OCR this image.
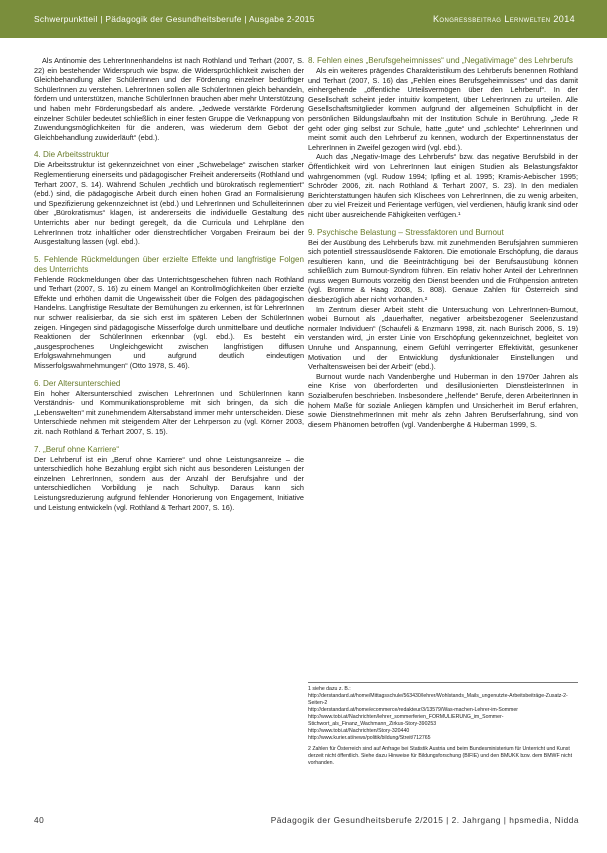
Schwerpunktteil | Pädagogik der Gesundheitsberufe | Ausgabe 2-2015	Kongressbeitrag Lernwelten 2014

Als Antinomie des LehrerInnenhandelns ist nach Rothland und Terhart (2007, S. 22) ein bestehender Widerspruch wie bspw. die Widersprüchlichkeit zwischen der Gleichbehandlung aller SchülerInnen und der Förderung einzelner bedürftiger SchülerInnen zu verstehen. LehrerInnen sollen alle SchülerInnen gleich behandeln, fördern und unterstützen, manche SchülerInnen brauchen aber mehr Unterstützung und haben mehr Förderungsbedarf als andere. „Jedwede verstärkte Förderung einzelner Schüler bedeutet schließlich in einer festen Gruppe die Verknappung von Zuwendungsmöglichkeiten für die anderen, was wiederum dem Gebot der Gleichbehandlung zuwiderläuft“ (ebd.).

4. Die Arbeitsstruktur

Die Arbeitsstruktur ist gekennzeichnet von einer „Schwebelage“ zwischen starker Reglementierung einerseits und pädagogischer Freiheit andererseits (Rothland und Terhart 2007, S. 14). Während Schulen „rechtlich und bürokratisch reglementiert“ (ebd.) sind, die pädagogische Arbeit durch einen hohen Grad an Formalisierung und Spezifizierung gekennzeichnet ist (ebd.) und LehrerInnen und Schulleiterinnen über „Bürokratismus“ klagen, ist andererseits die individuelle Gestaltung des Unterrichts aber nur bedingt geregelt, da die Curricula und Lehrpläne den LehrerInnen trotz inhaltlicher oder dienstrechtlicher Vorgaben Freiraum bei der Ausgestaltung lassen (vgl. ebd.).

5. Fehlende Rückmeldungen über erzielte Effekte und langfristige Folgen des Unterrichts

Fehlende Rückmeldungen über das Unterrichtsgeschehen führen nach Rothland und Terhart (2007, S. 16) zu einem Mangel an Kontrollmöglichkeiten über erzielte Effekte und erhöhen damit die Ungewissheit über die Folgen des pädagogischen Handelns. Langfristige Resultate der Bemühungen zu erkennen, ist für LehrerInnen nur schwer realisierbar, da sie sich erst im späteren Leben der SchülerInnen zeigen. Hingegen sind pädagogische Misserfolge durch unmittelbare und deutliche Reaktionen der SchülerInnen erkennbar (vgl. ebd.). Es besteht ein „ausgesprochenes Ungleichgewicht zwischen langfristigen diffusen Erfolgswahrnehmungen und aufgrund deutlich eindeutigen Misserfolgswahrnehmungen“ (Otto 1978, S. 46).

6. Der Altersunterschied

Ein hoher Altersunterschied zwischen LehrerInnen und SchülerInnen kann Verständnis- und Kommunikationsprobleme mit sich bringen, da sich die „Lebenswelten“ mit zunehmendem Altersabstand immer mehr unterscheiden. Diese Unterschiede nehmen mit steigendem Alter der Lehrperson zu (vgl. Körner 2003, zit. nach Rothland & Terhart 2007, S. 15).

7. „Beruf ohne Karriere“

Der Lehrberuf ist ein „Beruf ohne Karriere“ und ohne Leistungsanreize – die unterschiedlich hohe Bezahlung ergibt sich nicht aus besonderen Leistungen der einzelnen LehrerInnen, sondern aus der Anzahl der Berufsjahre und der unterschiedlichen Vorbildung je nach Schultyp. Daraus kann sich Leistungsreduzierung aufgrund fehlender Honorierung von Engagement, Initiative und Leistung entwickeln (vgl. Rothland & Terhart 2007, S. 16).

8. Fehlen eines „Berufsgeheimnisses“ und „Negativimage“ des Lehrberufs

Als ein weiteres prägendes Charakteristikum des Lehrberufs benennen Rothland und Terhart (2007, S. 16) das „Fehlen eines Berufsgeheimnisses“ und das damit einhergehende „öffentliche Urteilsvermögen über den Lehrberuf“. In der Gesellschaft scheint jeder intuitiv kompetent, über LehrerInnen zu urteilen. Alle Gesellschaftsmitglieder kommen aufgrund der allgemeinen Schulpflicht in der persönlichen Bildungslaufbahn mit der Institution Schule in Berührung. „Jede R geht oder ging selbst zur Schule, hatte „gute“ und „schlechte“ LehrerInnen und meint somit auch den Lehrberuf zu kennen, wodurch der Expertinnenstatus der LehrerInnen in Zweifel gezogen wird (vgl. ebd.).

Auch das „Negativ-Image des Lehrberufs“ bzw. das negative Berufsbild in der Öffentlichkeit wird von LehrerInnen laut einigen Studien als Belastungsfaktor wahrgenommen (vgl. Rudow 1994; Ipfling et al. 1995; Kramis-Aebischer 1995; Schröder 2006, zit. nach Rothland & Terhart 2007, S. 23). In den medialen Berichterstattungen häufen sich Klischees von LehrerInnen, die zu wenig arbeiten, über zu viel Freizeit und Ferientage verfügen, viel verdienen, häufig krank sind oder nicht über ausreichende Fähigkeiten verfügen.¹

9. Psychische Belastung – Stressfaktoren und Burnout

Bei der Ausübung des Lehrberufs bzw. mit zunehmenden Berufsjahren summieren sich potentiell stressauslösende Faktoren. Die emotionale Erschöpfung, die daraus resultieren kann, und die Beeinträchtigung bei der Berufsausübung können schließlich zum Burnout-Syndrom führen. Ein relativ hoher Anteil der LehrerInnen muss wegen Burnouts vorzeitig den Dienst beenden und die Frühpension antreten (vgl. Bromme & Haag 2008, S. 808). Genaue Zahlen für Österreich sind diesbezüglich aber nicht vorhanden.²

Im Zentrum dieser Arbeit steht die Untersuchung von LehrerInnen-Burnout, wobei Burnout als „dauerhafter, negativer arbeitsbezogener Seelenzustand normaler Individuen“ (Schaufeli & Enzmann 1998, zit. nach Burisch 2006, S. 19) verstanden wird, „in erster Linie von Erschöpfung gekennzeichnet, begleitet von Unruhe und Anspannung, einem Gefühl verringerter Effektivität, gesunkener Motivation und der Entwicklung dysfunktionaler Einstellungen und Verhaltensweisen bei der Arbeit“ (ebd.).

Burnout wurde nach Vandenberghe und Huberman in den 1970er Jahren als eine Krise von überforderten und desillusionierten DienstleisterInnen in Sozialberufen beschrieben. Insbesondere „helfende“ Berufe, deren ArbeiterInnen in hohem Maße für soziale Anliegen kämpfen und Unsicherheit im Beruf erfahren, sowie DienstnehmerInnen mit mehr als zehn Jahren Berufserfahrung, sind von diesem Phänomen betroffen (vgl. Vandenberghe & Huberman 1999, S.

1 siehe dazu z. B.:

http://derstandard.at/home/Mittagsschule/563430/lehrer/Wohlstands_Mails_ungenutzte-Arbeitsbeiträge-Zusatz-2-Seiten-2

http://derstandard.at/home/ecommerce/redakteur/3/13579/Was-machen-Lehrer-im-Sommer

http://www.tobi.at/Nachrichten/lehrer_sommerferien_FORMULIERUNG_im_Sommer-Stichwort_als_Finanz_Wachmann_Zirkus-Story-390253

http://www.tobi.at/Nachrichten/Story-320440

http://www.kurier.at/news/politik/bildung/Streit/712765

2 Zahlen für Österreich sind auf Anfrage bei Statistik Austria und beim Bundesministerium für Unterricht und Kunst derzeit nicht öffentlich. Siehe dazu Hinweise für Bildungsforschung (BIFIE) und den BMUKK bzw. dem BMWF nicht vorhanden.

40	Pädagogik der Gesundheitsberufe 2/2015 | 2. Jahrgang | hpsmedia, Nidda
